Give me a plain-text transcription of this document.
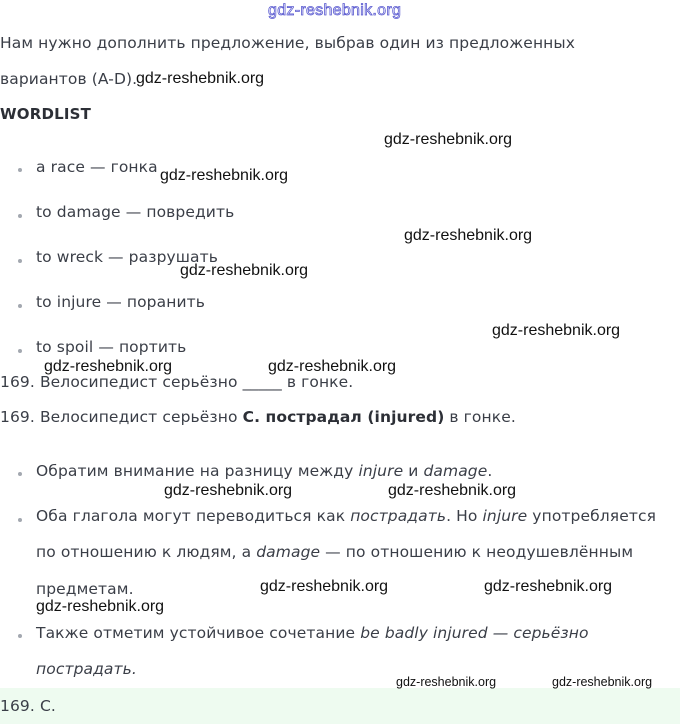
gdz-reshebnik.org
Нам нужно дополнить предложение, выбрав один из предложенных
вариантов (A-D).
gdz-reshebnik.org
WORDLIST
gdz-reshebnik.org
a race — гонка gdz-reshebnik.org
to damage — повредить
gdz-reshebnik.org
to wreck — разрушать
gdz-reshebnik.org
to injure — поранить
gdz-reshebnik.org
to spoil — портить
gdz-reshebnik.org	gdz-reshebnik.org
169. Велосипедист серьёзно _____ в гонке.
169. Велосипедист серьёзно C. пострадал (injured) в гонке.
Обратим внимание на разницу между injure и damage.
gdz-reshebnik.org	gdz-reshebnik.org
Оба глагола могут переводиться как пострадать. Но injure употребляется
по отношению к людям, а damage — по отношению к неодушевлённым
предметам.	gdz-reshebnik.org	gdz-reshebnik.org
gdz-reshebnik.org
Также отметим устойчивое сочетание be badly injured — серьёзно
пострадать.
gdz-reshebnik.org	gdz-reshebnik.org
169. C.
